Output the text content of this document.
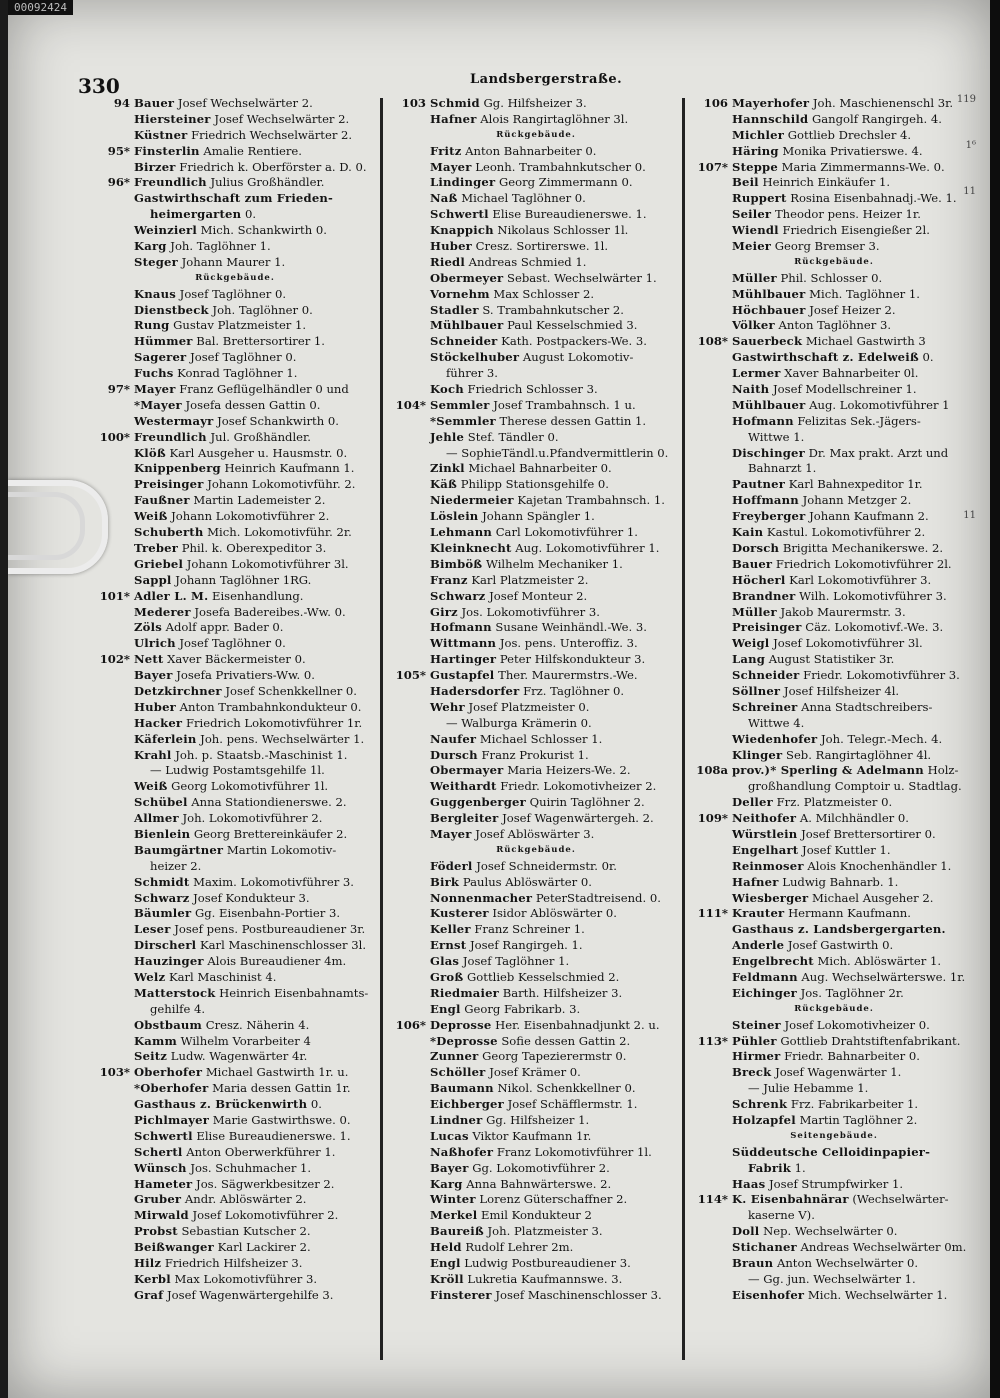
00092424
330	Landsbergerstraße.
94 Bauer Josef Wechselwärter 2.
Hiersteiner Josef Wechselwärter 2.
Küstner Friedrich Wechselwärter 2.
95* Finsterlin Amalie Rentiere.
Birzer Friedrich k. Oberförster a. D. 0.
96* Freundlich Julius Großhändler.
Gastwirthschaft zum Frieden-
heimergarten 0.
Weinzierl Mich. Schankwirth 0.
Karg Joh. Taglöhner 1.
Steger Johann Maurer 1.
Rückgebäude.
Knaus Josef Taglöhner 0.
Dienstbeck Joh. Taglöhner 0.
Rung Gustav Platzmeister 1.
Hümmer Bal. Brettersortirer 1.
Sagerer Josef Taglöhner 0.
Fuchs Konrad Taglöhner 1.
97* Mayer Franz Geflügelhändler 0 und
*Mayer Josefa dessen Gattin 0.
Westermayr Josef Schankwirth 0.
100* Freundlich Jul. Großhändler.
Klöß Karl Ausgeher u. Hausmstr. 0.
Knippenberg Heinrich Kaufmann 1.
Preisinger Johann Lokomotivführ. 2.
Faußner Martin Lademeister 2.
Weiß Johann Lokomotivführer 2.
Schuberth Mich. Lokomotivführ. 2r.
Treber Phil. k. Oberexpeditor 3.
Griebel Johann Lokomotivführer 3l.
Sappl Johann Taglöhner 1RG.
101* Adler L. M. Eisenhandlung.
Mederer Josefa Badereibes.-Ww. 0.
Zöls Adolf appr. Bader 0.
Ulrich Josef Taglöhner 0.
102* Nett Xaver Bäckermeister 0.
Bayer Josefa Privatiers-Ww. 0.
Detzkirchner Josef Schenkkellner 0.
Huber Anton Trambahnkondukteur 0.
Hacker Friedrich Lokomotivführer 1r.
Käferlein Joh. pens. Wechselwärter 1.
Krahl Joh. p. Staatsb.-Maschinist 1.
— Ludwig Postamtsgehilfe 1l.
Weiß Georg Lokomotivführer 1l.
Schübel Anna Stationdienerswe. 2.
Allmer Joh. Lokomotivführer 2.
Bienlein Georg Brettereinkäufer 2.
Baumgärtner Martin Lokomotiv-
heizer 2.
Schmidt Maxim. Lokomotivführer 3.
Schwarz Josef Kondukteur 3.
Bäumler Gg. Eisenbahn-Portier 3.
Leser Josef pens. Postbureaudiener 3r.
Dirscherl Karl Maschinenschlosser 3l.
Hauzinger Alois Bureaudiener 4m.
Welz Karl Maschinist 4.
Matterstock Heinrich Eisenbahnamts-
gehilfe 4.
Obstbaum Cresz. Näherin 4.
Kamm Wilhelm Vorarbeiter 4
Seitz Ludw. Wagenwärter 4r.
103* Oberhofer Michael Gastwirth 1r. u.
*Oberhofer Maria dessen Gattin 1r.
Gasthaus z. Brückenwirth 0.
Pichlmayer Marie Gastwirthswe. 0.
Schwertl Elise Bureaudienerswe. 1.
Schertl Anton Oberwerkführer 1.
Wünsch Jos. Schuhmacher 1.
Hameter Jos. Sägwerkbesitzer 2.
Gruber Andr. Ablöswärter 2.
Mirwald Josef Lokomotivführer 2.
Probst Sebastian Kutscher 2.
Beißwanger Karl Lackirer 2.
Hilz Friedrich Hilfsheizer 3.
Kerbl Max Lokomotivführer 3.
Graf Josef Wagenwärtergehilfe 3.
103 Schmid Gg. Hilfsheizer 3.
Hafner Alois Rangirtaglöhner 3l.
Rückgebäude.
Fritz Anton Bahnarbeiter 0.
Mayer Leonh. Trambahnkutscher 0.
Lindinger Georg Zimmermann 0.
Naß Michael Taglöhner 0.
Schwertl Elise Bureaudienerswe. 1.
Knappich Nikolaus Schlosser 1l.
Huber Cresz. Sortirerswe. 1l.
Riedl Andreas Schmied 1.
Obermeyer Sebast. Wechselwärter 1.
Vornehm Max Schlosser 2.
Stadler S. Trambahnkutscher 2.
Mühlbauer Paul Kesselschmied 3.
Schneider Kath. Postpackers-We. 3.
Stöckelhuber August Lokomotiv-
führer 3.
Koch Friedrich Schlosser 3.
104* Semmler Josef Trambahnsch. 1 u.
*Semmler Therese dessen Gattin 1.
Jehle Stef. Tändler 0.
— SophieTändl.u.Pfandvermittlerin 0.
Zinkl Michael Bahnarbeiter 0.
Käß Philipp Stationsgehilfe 0.
Niedermeier Kajetan Trambahnsch. 1.
Löslein Johann Spängler 1.
Lehmann Carl Lokomotivführer 1.
Kleinknecht Aug. Lokomotivführer 1.
Bimböß Wilhelm Mechaniker 1.
Franz Karl Platzmeister 2.
Schwarz Josef Monteur 2.
Girz Jos. Lokomotivführer 3.
Hofmann Susane Weinhändl.-We. 3.
Wittmann Jos. pens. Unteroffiz. 3.
Hartinger Peter Hilfskondukteur 3.
105* Gustapfel Ther. Maurermstrs.-We.
Hadersdorfer Frz. Taglöhner 0.
Wehr Josef Platzmeister 0.
— Walburga Krämerin 0.
Naufer Michael Schlosser 1.
Dursch Franz Prokurist 1.
Obermayer Maria Heizers-We. 2.
Weithardt Friedr. Lokomotivheizer 2.
Guggenberger Quirin Taglöhner 2.
Bergleiter Josef Wagenwärtergeh. 2.
Mayer Josef Ablöswärter 3.
Rückgebäude.
Föderl Josef Schneidermstr. 0r.
Birk Paulus Ablöswärter 0.
Nonnenmacher PeterStadtreisend. 0.
Kusterer Isidor Ablöswärter 0.
Keller Franz Schreiner 1.
Ernst Josef Rangirgeh. 1.
Glas Josef Taglöhner 1.
Groß Gottlieb Kesselschmied 2.
Riedmaier Barth. Hilfsheizer 3.
Engl Georg Fabrikarb. 3.
106* Deprosse Her. Eisenbahnadjunkt 2. u.
*Deprosse Sofie dessen Gattin 2.
Zunner Georg Tapezierermstr 0.
Schöller Josef Krämer 0.
Baumann Nikol. Schenkkellner 0.
Eichberger Josef Schäfflermstr. 1.
Lindner Gg. Hilfsheizer 1.
Lucas Viktor Kaufmann 1r.
Naßhofer Franz Lokomotivführer 1l.
Bayer Gg. Lokomotivführer 2.
Karg Anna Bahnwärterswe. 2.
Winter Lorenz Güterschaffner 2.
Merkel Emil Kondukteur 2
Baureiß Joh. Platzmeister 3.
Held Rudolf Lehrer 2m.
Engl Ludwig Postbureaudiener 3.
Kröll Lukretia Kaufmannswe. 3.
Finsterer Josef Maschinenschlosser 3.
106 Mayerhofer Joh. Maschienenschl 3r.
Hannschild Gangolf Rangirgeh. 4.
Michler Gottlieb Drechsler 4.
Häring Monika Privatierswe. 4.
107* Steppe Maria Zimmermanns-We. 0.
Beil Heinrich Einkäufer 1.
Ruppert Rosina Eisenbahnadj.-We. 1.
Seiler Theodor pens. Heizer 1r.
Wiendl Friedrich Eisengießer 2l.
Meier Georg Bremser 3.
Rückgebäude.
Müller Phil. Schlosser 0.
Mühlbauer Mich. Taglöhner 1.
Höchbauer Josef Heizer 2.
Völker Anton Taglöhner 3.
108* Sauerbeck Michael Gastwirth 3
Gastwirthschaft z. Edelweiß 0.
Lermer Xaver Bahnarbeiter 0l.
Naith Josef Modellschreiner 1.
Mühlbauer Aug. Lokomotivführer 1
Hofmann Felizitas Sek.-Jägers-
Wittwe 1.
Dischinger Dr. Max prakt. Arzt und
Bahnarzt 1.
Pautner Karl Bahnexpeditor 1r.
Hoffmann Johann Metzger 2.
Freyberger Johann Kaufmann 2.
Kain Kastul. Lokomotivführer 2.
Dorsch Brigitta Mechanikerswe. 2.
Bauer Friedrich Lokomotivführer 2l.
Höcherl Karl Lokomotivführer 3.
Brandner Wilh. Lokomotivführer 3.
Müller Jakob Maurermstr. 3.
Preisinger Cäz. Lokomotivf.-We. 3.
Weigl Josef Lokomotivführer 3l.
Lang August Statistiker 3r.
Schneider Friedr. Lokomotivführer 3.
Söllner Josef Hilfsheizer 4l.
Schreiner Anna Stadtschreibers-
Wittwe 4.
Wiedenhofer Joh. Telegr.-Mech. 4.
Klinger Seb. Rangirtaglöhner 4l.
108a prov.)* Sperling & Adelmann Holz-
großhandlung Comptoir u. Stadtlag.
Deller Frz. Platzmeister 0.
109* Neithofer A. Milchhändler 0.
Würstlein Josef Brettersortirer 0.
Engelhart Josef Kuttler 1.
Reinmoser Alois Knochenhändler 1.
Hafner Ludwig Bahnarb. 1.
Wiesberger Michael Ausgeher 2.
111* Krauter Hermann Kaufmann.
Gasthaus z. Landsbergergarten.
Anderle Josef Gastwirth 0.
Engelbrecht Mich. Ablöswärter 1.
Feldmann Aug. Wechselwärterswe. 1r.
Eichinger Jos. Taglöhner 2r.
Rückgebäude.
Steiner Josef Lokomotivheizer 0.
113* Pühler Gottlieb Drahtstiftenfabrikant.
Hirmer Friedr. Bahnarbeiter 0.
Breck Josef Wagenwärter 1.
— Julie Hebamme 1.
Schrenk Frz. Fabrikarbeiter 1.
Holzapfel Martin Taglöhner 2.
Seitengebäude.
Süddeutsche Celloidinpapier-
Fabrik 1.
Haas Josef Strumpfwirker 1.
114* K. Eisenbahnärar (Wechselwärter-
kaserne V).
Doll Nep. Wechselwärter 0.
Stichaner Andreas Wechselwärter 0m.
Braun Anton Wechselwärter 0.
— Gg. jun. Wechselwärter 1.
Eisenhofer Mich. Wechselwärter 1.
119
1⁶
11
11
